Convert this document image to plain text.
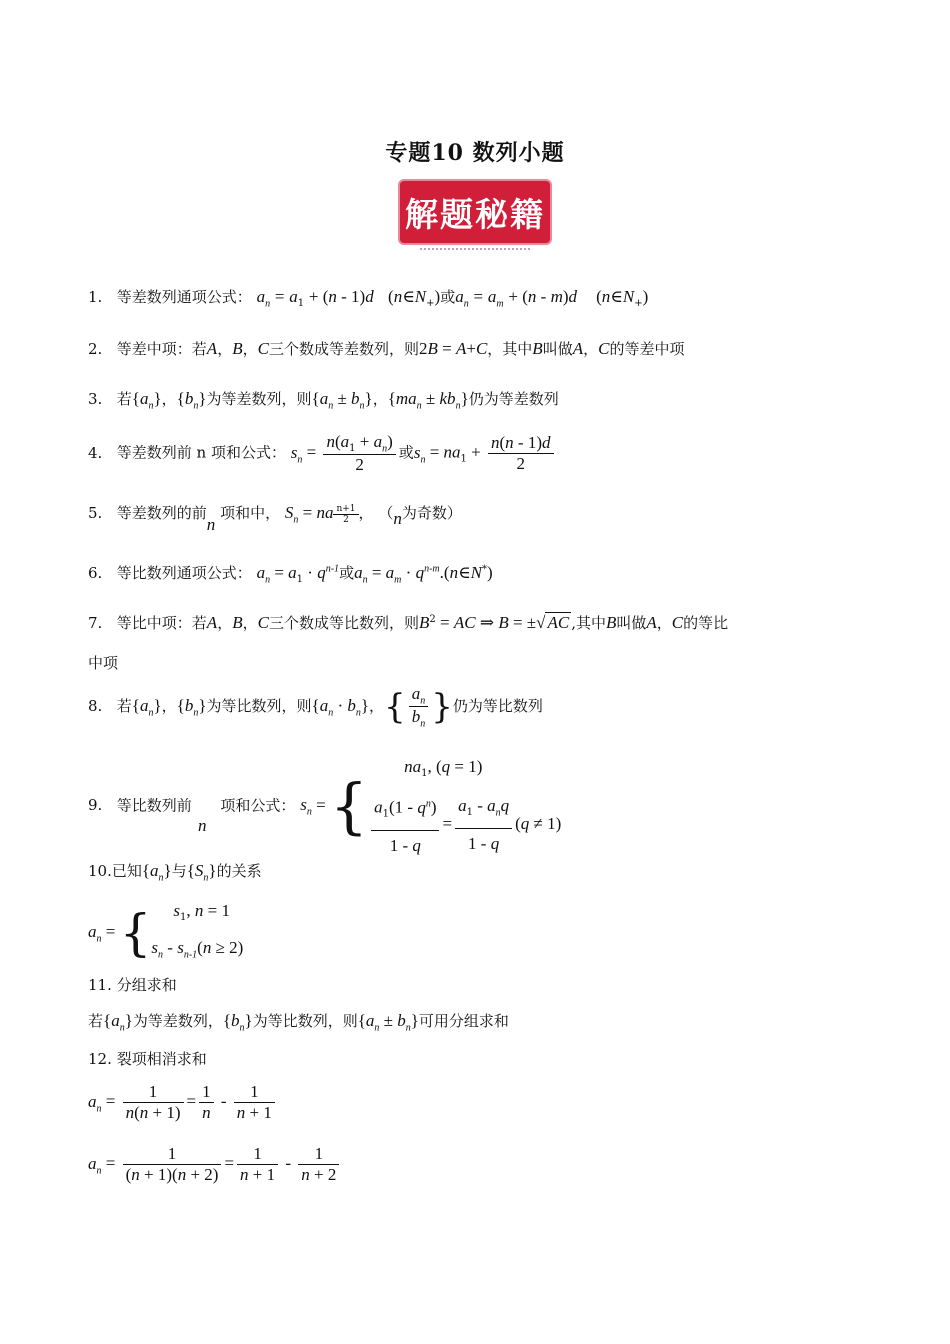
专题10 数列小题
解题秘籍
1. 等差数列通项公式： $a_n = a_1 + (n - 1)d$ $(n\in N_+)$或$a_n = a_m + (n - m)d$ $(n\in N_+)$
2. 等差中项：若A，B，C三个数成等差数列，则2B = A+C，其中B叫做A，C的等差中项
3. 若$\{a_n\}$，$\{b_n\}$为等差数列，则$\{a_n \pm b_n\}$，$\{ma_n \pm kb_n\}$仍为等差数列
4. 等差数列前 n 项和公式： $s_n = \frac{n(a_1 + a_n)}{2}$ 或$s_n = na_1 + \frac{n(n - 1)d}{2}$
5. 等差数列的前n 项和中， $S_n$ = na $\frac{n+1}{2}$ ， （n为奇数）
6. 等比数列通项公式： $a_n = a_1 \cdot q^{n-1}$或$a_n = a_m$ · $q^{n-m}.(n\in N^*)$
7. 等比中项：若A，B，C三个数成等比数列，则$B^2$ = AC ⇒ B = ±√ AC ,其中B叫做A，C的等比
中项
8. 若$\{a_n\}$，$\{b_n\}$为等比数列，则$\{a_n \cdot b_n\}$，{ $\frac{a_n}{b_n}$ }仍为等比数列
9. 等比数列前 项和公式： $s_n$ = {
$na_1$, (q = 1)
$\frac{a_1(1 - q^n)}{1 - q}$ =
$a_1 - a_nq$
1 - q
(q ≠ 1)
n
10.已知$\{a_n\}$与$\{S_n\}$的关系
$a_n$ = {	$s_1$, n = 1
$s_n - s_{n-1}(n \ge 2)$
11. 分组求和
若$\{a_n\}$为等差数列，$\{b_n\}$为等比数列，则$\{a_n \pm b_n\}$可用分组求和
12. 裂项相消求和
$a_n = \frac{1}{n(n + 1)} = \frac{1}{n} - \frac{1}{n + 1}$
$a_n = \frac{1}{(n + 1)(n + 2)} = \frac{1}{n + 1} - \frac{1}{n + 2}$
